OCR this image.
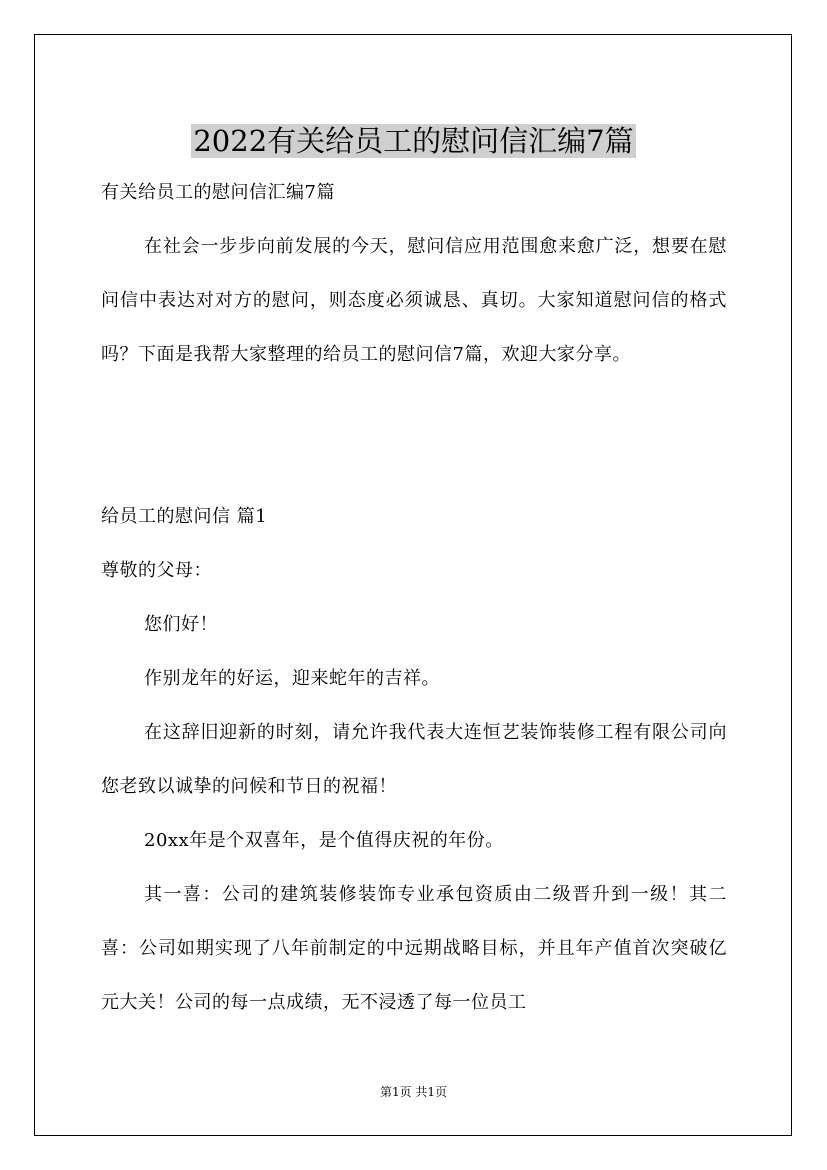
2022有关给员工的慰问信汇编7篇

有关给员工的慰问信汇编7篇

在社会一步步向前发展的今天，慰问信应用范围愈来愈广泛，想要在慰问信中表达对对方的慰问，则态度必须诚恳、真切。大家知道慰问信的格式吗？下面是我帮大家整理的给员工的慰问信7篇，欢迎大家分享。

给员工的慰问信 篇1

尊敬的父母：

您们好！

作别龙年的好运，迎来蛇年的吉祥。

在这辞旧迎新的时刻，请允许我代表大连恒艺装饰装修工程有限公司向您老致以诚挚的问候和节日的祝福！

20xx年是个双喜年，是个值得庆祝的年份。

其一喜：公司的建筑装修装饰专业承包资质由二级晋升到一级！其二喜：公司如期实现了八年前制定的中远期战略目标，并且年产值首次突破亿元大关！公司的每一点成绩，无不浸透了每一位员工

第1页 共1页
